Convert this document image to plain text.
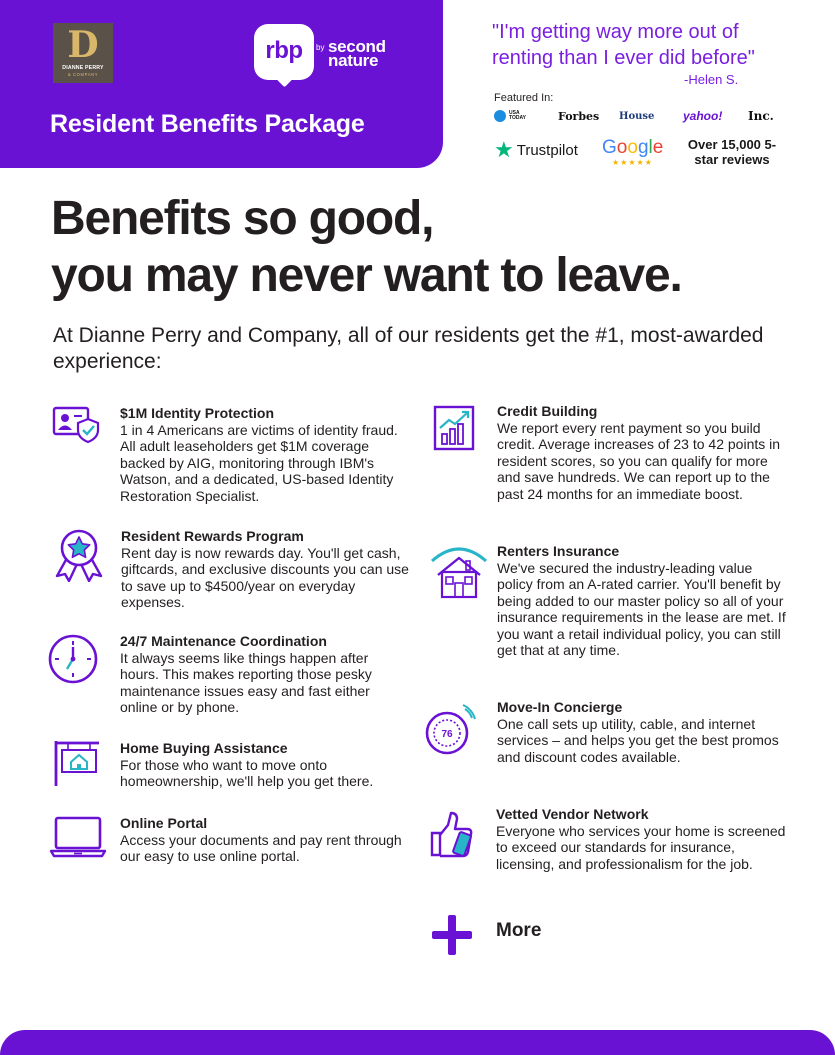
D
DIANNE PERRY
& COMPANY
rbp	by second nature
Resident Benefits Package
"I'm getting way more out of renting than I ever did before"
-Helen S.
Featured In:
USA TODAY	Forbes House yahoo! Inc.
★ Trustpilot Google
★★★★★
Over 15,000 5-star reviews
Benefits so good,
you may never want to leave.
At Dianne Perry and Company, all of our residents get the #1, most-awarded experience:
$1M Identity Protection
1 in 4 Americans are victims of identity fraud. All adult leaseholders get $1M coverage backed by AIG, monitoring through IBM's Watson, and a dedicated, US-based Identity Restoration Specialist.
Resident Rewards Program
Rent day is now rewards day. You'll get cash, giftcards, and exclusive discounts you can use to save up to $4500/year on everyday expenses.
24/7 Maintenance Coordination
It always seems like things happen after hours. This makes reporting those pesky maintenance issues easy and fast either online or by phone.
Home Buying Assistance
For those who want to move onto homeownership, we'll help you get there.
Online Portal
Access your documents and pay rent through our easy to use online portal.
Credit Building
We report every rent payment so you build credit. Average increases of 23 to 42 points in resident scores, so you can qualify for more and save hundreds. We can report up to the past 24 months for an immediate boost.
Renters Insurance
We've secured the industry-leading value policy from an A-rated carrier. You'll benefit by being added to our master policy so all of your insurance requirements in the lease are met. If you want a retail individual policy, you can still get that at any time.
76
Move-In Concierge
One call sets up utility, cable, and internet services – and helps you get the best promos and discount codes available.
Vetted Vendor Network
Everyone who services your home is screened to exceed our standards for insurance, licensing, and professionalism for the job.
More
